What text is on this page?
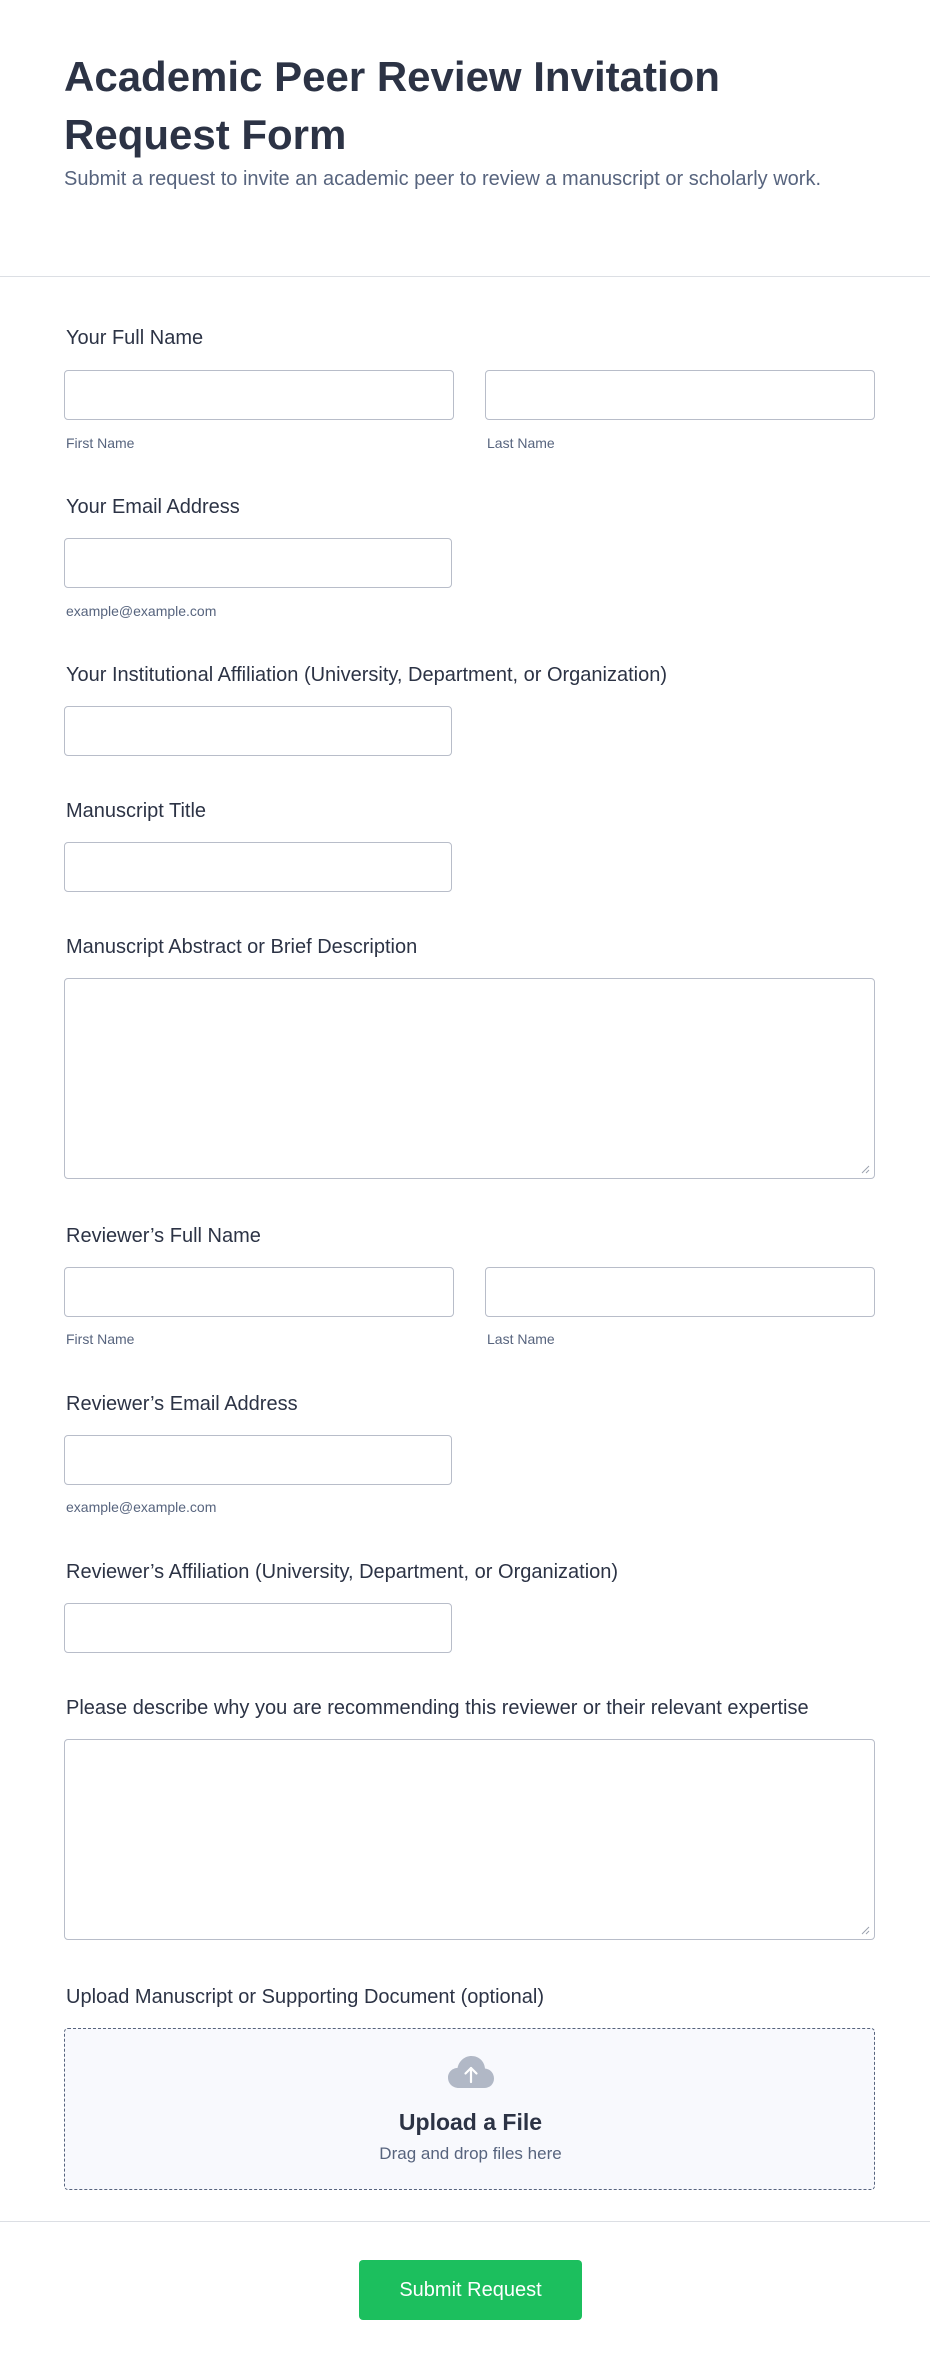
Academic Peer Review Invitation Request Form

Submit a request to invite an academic peer to review a manuscript or scholarly work.

Your Full Name
First Name	Last Name
Your Email Address
example@example.com
Your Institutional Affiliation (University, Department, or Organization)
Manuscript Title
Manuscript Abstract or Brief Description
Reviewer’s Full Name
First Name	Last Name
Reviewer’s Email Address
example@example.com
Reviewer’s Affiliation (University, Department, or Organization)
Please describe why you are recommending this reviewer or their relevant expertise
Upload Manuscript or Supporting Document (optional)
Upload a File
Drag and drop files here
Submit Request
